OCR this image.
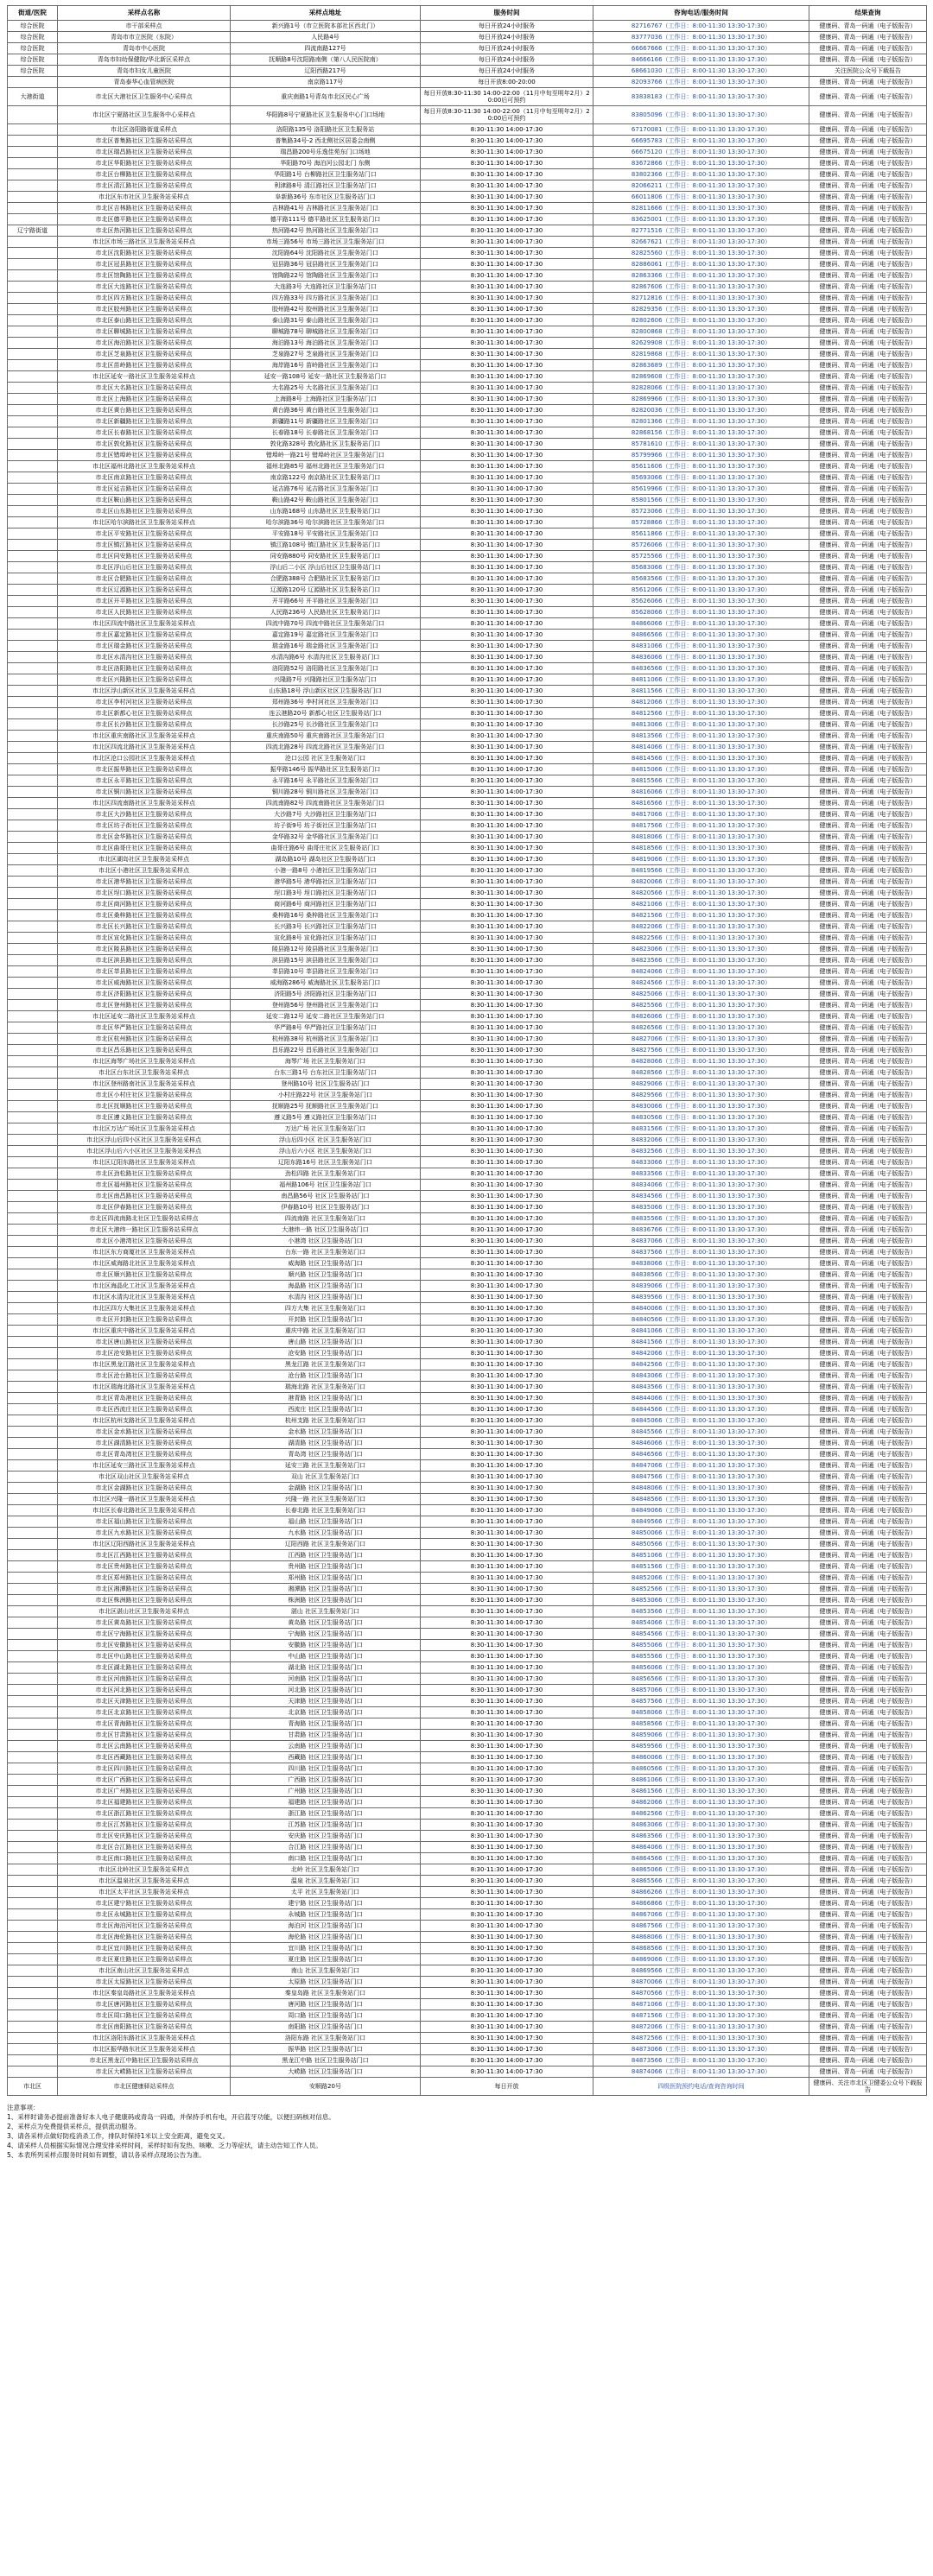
街道/医院	采样点名称	采样点地址	服务时间	咨询电话/服务时间	结果查询
综合医院	市干部采样点	新兴路1号（市立医院本部社区西北门）	每日开放24小时服务	82716767（工作日：8:00-11:30 13:30-17:30）	健康码、青岛一码通（电子版报告）
综合医院	青岛市市立医院（东院）	人民路4号	每日开放24小时服务	83777036（工作日：8:00-11:30 13:30-17:30）	健康码、青岛一码通（电子版报告）
综合医院	青岛市中心医院	四流南路127号	每日开放24小时服务	66667666（工作日：8:00-11:30 13:30-17:30）	健康码、青岛一码通（电子版报告）
综合医院	青岛市妇幼保健院/华北新区采样点	抚顺路8号沈阳路南侧（第八人民医院南）	每日开放24小时服务	84666166（工作日：8:00-11:30 13:30-17:30）	健康码、青岛一码通（电子版报告）
综合医院	青岛市妇女儿童医院	辽阳西路217号	每日开放24小时服务	68661030（工作日：8:00-11:30 13:30-17:30）	关注医院公众号下载报告
	青岛泰华心血管病医院	南京路117号	每日开放8:00-20:00	82093766（工作日：8:00-11:30 13:30-17:30）	健康码、青岛一码通（电子版报告）
大港街道	市北区大港社区卫生服务中心采样点	重庆南路1号青岛市北区民心广场	每日开放8:30-11:30 14:00-22:00（11月中旬至明年2月）20:00后可预约	83838183（工作日：8:00-11:30 13:30-17:30）	健康码、青岛一码通（电子版报告）
	市北区宁夏路社区卫生服务中心采样点	华阳路8号宁夏路社区卫生服务中心门口场地	每日开放8:30-11:30 14:00-22:00（11月中旬至明年2月）20:00后可预约	83805096（工作日：8:00-11:30 13:30-17:30）	健康码、青岛一码通（电子版报告）
	市北区洛阳路街道采样点	洛阳路135号 洛阳路社区卫生服务站	8:30-11:30 14:00-17:30	67170081（工作日：8:00-11:30 13:30-17:30）	健康码、青岛一码通（电子版报告）
	市北区普集路社区卫生服务站采样点	普集路34号-2 西北侧社区居委会南侧	8:30-11:30 14:00-17:30	66695783（工作日：8:00-11:30 13:30-17:30）	健康码、青岛一码通（电子版报告）
	市北区瑞昌路社区卫生服务站采样点	瑞昌路200号乐逸佳苑东门口场地	8:30-11:30 14:00-17:30	66675120（工作日：8:00-11:30 13:30-17:30）	健康码、青岛一码通（电子版报告）
	市北区华阳路社区卫生服务站采样点	华阳路70号 海泊河公园北门 东侧	8:30-11:30 14:00-17:30	83672866（工作日：8:00-11:30 13:30-17:30）	健康码、青岛一码通（电子版报告）
	市北区台柳路社区卫生服务站采样点	华阳路1号 台柳路社区卫生服务站门口	8:30-11:30 14:00-17:30	83802366（工作日：8:00-11:30 13:30-17:30）	健康码、青岛一码通（电子版报告）
	市北区清江路社区卫生服务站采样点	利津路8号 清江路社区卫生服务站门口	8:30-11:30 14:00-17:30	82066211（工作日：8:00-11:30 13:30-17:30）	健康码、青岛一码通（电子版报告）
	市北区东市社区卫生服务站采样点	阜新路36号 东市社区卫生服务站门口	8:30-11:30 14:00-17:30	66011806（工作日：8:00-11:30 13:30-17:30）	健康码、青岛一码通（电子版报告）
	市北区吉林路社区卫生服务站采样点	吉林路41号 吉林路社区卫生服务站门口	8:30-11:30 14:00-17:30	82811666（工作日：8:00-11:30 13:30-17:30）	健康码、青岛一码通（电子版报告）
	市北区德平路社区卫生服务站采样点	德平路111号 德平路社区卫生服务站门口	8:30-11:30 14:00-17:30	83625001（工作日：8:00-11:30 13:30-17:30）	健康码、青岛一码通（电子版报告）
辽宁路街道	市北区热河路社区卫生服务站采样点	热河路42号 热河路社区卫生服务站门口	8:30-11:30 14:00-17:30	82771516（工作日：8:00-11:30 13:30-17:30）	健康码、青岛一码通（电子版报告）
	市北区市场三路社区卫生服务站采样点	市场三路56号 市场三路社区卫生服务站门口	8:30-11:30 14:00-17:30	82667621（工作日：8:00-11:30 13:30-17:30）	健康码、青岛一码通（电子版报告）
	市北区沈阳路社区卫生服务站采样点	沈阳路64号 沈阳路社区卫生服务站门口	8:30-11:30 14:00-17:30	82825560（工作日：8:00-11:30 13:30-17:30）	健康码、青岛一码通（电子版报告）
	市北区冠县路社区卫生服务站采样点	冠县路36号 冠县路社区卫生服务站门口	8:30-11:30 14:00-17:30	82886061（工作日：8:00-11:30 13:30-17:30）	健康码、青岛一码通（电子版报告）
	市北区馆陶路社区卫生服务站采样点	馆陶路22号 馆陶路社区卫生服务站门口	8:30-11:30 14:00-17:30	82863366（工作日：8:00-11:30 13:30-17:30）	健康码、青岛一码通（电子版报告）
	市北区大连路社区卫生服务站采样点	大连路3号 大连路社区卫生服务站门口	8:30-11:30 14:00-17:30	82867606（工作日：8:00-11:30 13:30-17:30）	健康码、青岛一码通（电子版报告）
	市北区四方路社区卫生服务站采样点	四方路33号 四方路社区卫生服务站门口	8:30-11:30 14:00-17:30	82712816（工作日：8:00-11:30 13:30-17:30）	健康码、青岛一码通（电子版报告）
	市北区胶州路社区卫生服务站采样点	胶州路42号 胶州路社区卫生服务站门口	8:30-11:30 14:00-17:30	82829356（工作日：8:00-11:30 13:30-17:30）	健康码、青岛一码通（电子版报告）
	市北区泰山路社区卫生服务站采样点	泰山路31号 泰山路社区卫生服务站门口	8:30-11:30 14:00-17:30	82802606（工作日：8:00-11:30 13:30-17:30）	健康码、青岛一码通（电子版报告）
	市北区聊城路社区卫生服务站采样点	聊城路78号 聊城路社区卫生服务站门口	8:30-11:30 14:00-17:30	82800868（工作日：8:00-11:30 13:30-17:30）	健康码、青岛一码通（电子版报告）
	市北区海泊路社区卫生服务站采样点	海泊路13号 海泊路社区卫生服务站门口	8:30-11:30 14:00-17:30	82629908（工作日：8:00-11:30 13:30-17:30）	健康码、青岛一码通（电子版报告）
	市北区芝泉路社区卫生服务站采样点	芝泉路27号 芝泉路社区卫生服务站门口	8:30-11:30 14:00-17:30	82819868（工作日：8:00-11:30 13:30-17:30）	健康码、青岛一码通（电子版报告）
	市北区苗岭路社区卫生服务站采样点	海岸路16号 苗岭路社区卫生服务站门口	8:30-11:30 14:00-17:30	82863689（工作日：8:00-11:30 13:30-17:30）	健康码、青岛一码通（电子版报告）
	市北区延安一路社区卫生服务站采样点	延安一路108号 延安一路社区卫生服务站门口	8:30-11:30 14:00-17:30	82869608（工作日：8:00-11:30 13:30-17:30）	健康码、青岛一码通（电子版报告）
	市北区大名路社区卫生服务站采样点	大名路25号 大名路社区卫生服务站门口	8:30-11:30 14:00-17:30	82828066（工作日：8:00-11:30 13:30-17:30）	健康码、青岛一码通（电子版报告）
	市北区上海路社区卫生服务站采样点	上海路8号 上海路社区卫生服务站门口	8:30-11:30 14:00-17:30	82869966（工作日：8:00-11:30 13:30-17:30）	健康码、青岛一码通（电子版报告）
	市北区黄台路社区卫生服务站采样点	黄台路36号 黄台路社区卫生服务站门口	8:30-11:30 14:00-17:30	82820036（工作日：8:00-11:30 13:30-17:30）	健康码、青岛一码通（电子版报告）
	市北区新疆路社区卫生服务站采样点	新疆路11号 新疆路社区卫生服务站门口	8:30-11:30 14:00-17:30	82801366（工作日：8:00-11:30 13:30-17:30）	健康码、青岛一码通（电子版报告）
	市北区长春路社区卫生服务站采样点	长春路18号 长春路社区卫生服务站门口	8:30-11:30 14:00-17:30	82868156（工作日：8:00-11:30 13:30-17:30）	健康码、青岛一码通（电子版报告）
	市北区敦化路社区卫生服务站采样点	敦化路328号 敦化路社区卫生服务站门口	8:30-11:30 14:00-17:30	85781610（工作日：8:00-11:30 13:30-17:30）	健康码、青岛一码通（电子版报告）
	市北区错埠岭社区卫生服务站采样点	错埠岭一路21号 错埠岭社区卫生服务站门口	8:30-11:30 14:00-17:30	85799966（工作日：8:00-11:30 13:30-17:30）	健康码、青岛一码通（电子版报告）
	市北区福州北路社区卫生服务站采样点	福州北路85号 福州北路社区卫生服务站门口	8:30-11:30 14:00-17:30	85611606（工作日：8:00-11:30 13:30-17:30）	健康码、青岛一码通（电子版报告）
	市北区南京路社区卫生服务站采样点	南京路122号 南京路社区卫生服务站门口	8:30-11:30 14:00-17:30	85693066（工作日：8:00-11:30 13:30-17:30）	健康码、青岛一码通（电子版报告）
	市北区延吉路社区卫生服务站采样点	延吉路76号 延吉路社区卫生服务站门口	8:30-11:30 14:00-17:30	85619966（工作日：8:00-11:30 13:30-17:30）	健康码、青岛一码通（电子版报告）
	市北区鞍山路社区卫生服务站采样点	鞍山路42号 鞍山路社区卫生服务站门口	8:30-11:30 14:00-17:30	85801566（工作日：8:00-11:30 13:30-17:30）	健康码、青岛一码通（电子版报告）
	市北区山东路社区卫生服务站采样点	山东路168号 山东路社区卫生服务站门口	8:30-11:30 14:00-17:30	85723066（工作日：8:00-11:30 13:30-17:30）	健康码、青岛一码通（电子版报告）
	市北区哈尔滨路社区卫生服务站采样点	哈尔滨路36号 哈尔滨路社区卫生服务站门口	8:30-11:30 14:00-17:30	85728866（工作日：8:00-11:30 13:30-17:30）	健康码、青岛一码通（电子版报告）
	市北区平安路社区卫生服务站采样点	平安路18号 平安路社区卫生服务站门口	8:30-11:30 14:00-17:30	85611866（工作日：8:00-11:30 13:30-17:30）	健康码、青岛一码通（电子版报告）
	市北区镇江路社区卫生服务站采样点	镇江路108号 镇江路社区卫生服务站门口	8:30-11:30 14:00-17:30	85726066（工作日：8:00-11:30 13:30-17:30）	健康码、青岛一码通（电子版报告）
	市北区同安路社区卫生服务站采样点	同安路880号 同安路社区卫生服务站门口	8:30-11:30 14:00-17:30	85725566（工作日：8:00-11:30 13:30-17:30）	健康码、青岛一码通（电子版报告）
	市北区浮山后社区卫生服务站采样点	浮山后二小区 浮山后社区卫生服务站门口	8:30-11:30 14:00-17:30	85683066（工作日：8:00-11:30 13:30-17:30）	健康码、青岛一码通（电子版报告）
	市北区合肥路社区卫生服务站采样点	合肥路388号 合肥路社区卫生服务站门口	8:30-11:30 14:00-17:30	85683566（工作日：8:00-11:30 13:30-17:30）	健康码、青岛一码通（电子版报告）
	市北区辽源路社区卫生服务站采样点	辽源路120号 辽源路社区卫生服务站门口	8:30-11:30 14:00-17:30	85612066（工作日：8:00-11:30 13:30-17:30）	健康码、青岛一码通（电子版报告）
	市北区开平路社区卫生服务站采样点	开平路66号 开平路社区卫生服务站门口	8:30-11:30 14:00-17:30	85626066（工作日：8:00-11:30 13:30-17:30）	健康码、青岛一码通（电子版报告）
	市北区人民路社区卫生服务站采样点	人民路236号 人民路社区卫生服务站门口	8:30-11:30 14:00-17:30	85628066（工作日：8:00-11:30 13:30-17:30）	健康码、青岛一码通（电子版报告）
	市北区四流中路社区卫生服务站采样点	四流中路70号 四流中路社区卫生服务站门口	8:30-11:30 14:00-17:30	84866066（工作日：8:00-11:30 13:30-17:30）	健康码、青岛一码通（电子版报告）
	市北区嘉定路社区卫生服务站采样点	嘉定路19号 嘉定路社区卫生服务站门口	8:30-11:30 14:00-17:30	84866566（工作日：8:00-11:30 13:30-17:30）	健康码、青岛一码通（电子版报告）
	市北区瑞金路社区卫生服务站采样点	瑞金路16号 瑞金路社区卫生服务站门口	8:30-11:30 14:00-17:30	84831066（工作日：8:00-11:30 13:30-17:30）	健康码、青岛一码通（电子版报告）
	市北区水清沟社区卫生服务站采样点	水清沟路6号 水清沟社区卫生服务站门口	8:30-11:30 14:00-17:30	84836066（工作日：8:00-11:30 13:30-17:30）	健康码、青岛一码通（电子版报告）
	市北区洛阳路社区卫生服务站采样点	洛阳路52号 洛阳路社区卫生服务站门口	8:30-11:30 14:00-17:30	84836566（工作日：8:00-11:30 13:30-17:30）	健康码、青岛一码通（电子版报告）
	市北区兴隆路社区卫生服务站采样点	兴隆路7号 兴隆路社区卫生服务站门口	8:30-11:30 14:00-17:30	84811066（工作日：8:00-11:30 13:30-17:30）	健康码、青岛一码通（电子版报告）
	市北区浮山新区社区卫生服务站采样点	山东路18号 浮山新区社区卫生服务站门口	8:30-11:30 14:00-17:30	84811566（工作日：8:00-11:30 13:30-17:30）	健康码、青岛一码通（电子版报告）
	市北区李村河社区卫生服务站采样点	郑州路36号 李村河社区卫生服务站门口	8:30-11:30 14:00-17:30	84812066（工作日：8:00-11:30 13:30-17:30）	健康码、青岛一码通（电子版报告）
	市北区新都心社区卫生服务站采样点	连云港路20号 新都心社区卫生服务站门口	8:30-11:30 14:00-17:30	84812566（工作日：8:00-11:30 13:30-17:30）	健康码、青岛一码通（电子版报告）
	市北区长沙路社区卫生服务站采样点	长沙路25号 长沙路社区卫生服务站门口	8:30-11:30 14:00-17:30	84813066（工作日：8:00-11:30 13:30-17:30）	健康码、青岛一码通（电子版报告）
	市北区重庆南路社区卫生服务站采样点	重庆南路50号 重庆南路社区卫生服务站门口	8:30-11:30 14:00-17:30	84813566（工作日：8:00-11:30 13:30-17:30）	健康码、青岛一码通（电子版报告）
	市北区四流北路社区卫生服务站采样点	四流北路28号 四流北路社区卫生服务站门口	8:30-11:30 14:00-17:30	84814066（工作日：8:00-11:30 13:30-17:30）	健康码、青岛一码通（电子版报告）
	市北区沧口公园社区卫生服务站采样点	沧口公园 社区卫生服务站门口	8:30-11:30 14:00-17:30	84814566（工作日：8:00-11:30 13:30-17:30）	健康码、青岛一码通（电子版报告）
	市北区振华路社区卫生服务站采样点	振华路146号 振华路社区卫生服务站门口	8:30-11:30 14:00-17:30	84815066（工作日：8:00-11:30 13:30-17:30）	健康码、青岛一码通（电子版报告）
	市北区永平路社区卫生服务站采样点	永平路16号 永平路社区卫生服务站门口	8:30-11:30 14:00-17:30	84815566（工作日：8:00-11:30 13:30-17:30）	健康码、青岛一码通（电子版报告）
	市北区铜川路社区卫生服务站采样点	铜川路28号 铜川路社区卫生服务站门口	8:30-11:30 14:00-17:30	84816066（工作日：8:00-11:30 13:30-17:30）	健康码、青岛一码通（电子版报告）
	市北区四流南路社区卫生服务站采样点	四流南路82号 四流南路社区卫生服务站门口	8:30-11:30 14:00-17:30	84816566（工作日：8:00-11:30 13:30-17:30）	健康码、青岛一码通（电子版报告）
	市北区大沙路社区卫生服务站采样点	大沙路7号 大沙路社区卫生服务站门口	8:30-11:30 14:00-17:30	84817066（工作日：8:00-11:30 13:30-17:30）	健康码、青岛一码通（电子版报告）
	市北区坊子街社区卫生服务站采样点	坊子街9号 坊子街社区卫生服务站门口	8:30-11:30 14:00-17:30	84817566（工作日：8:00-11:30 13:30-17:30）	健康码、青岛一码通（电子版报告）
	市北区金华路社区卫生服务站采样点	金华路32号 金华路社区卫生服务站门口	8:30-11:30 14:00-17:30	84818066（工作日：8:00-11:30 13:30-17:30）	健康码、青岛一码通（电子版报告）
	市北区曲哥庄社区卫生服务站采样点	曲哥庄路6号 曲哥庄社区卫生服务站门口	8:30-11:30 14:00-17:30	84818566（工作日：8:00-11:30 13:30-17:30）	健康码、青岛一码通（电子版报告）
	市北区湖岛社区卫生服务站采样点	湖岛路10号 湖岛社区卫生服务站门口	8:30-11:30 14:00-17:30	84819066（工作日：8:00-11:30 13:30-17:30）	健康码、青岛一码通（电子版报告）
	市北区小港社区卫生服务站采样点	小港一路8号 小港社区卫生服务站门口	8:30-11:30 14:00-17:30	84819566（工作日：8:00-11:30 13:30-17:30）	健康码、青岛一码通（电子版报告）
	市北区港华路社区卫生服务站采样点	港华路5号 港华路社区卫生服务站门口	8:30-11:30 14:00-17:30	84820066（工作日：8:00-11:30 13:30-17:30）	健康码、青岛一码通（电子版报告）
	市北区埕口路社区卫生服务站采样点	埕口路3号 埕口路社区卫生服务站门口	8:30-11:30 14:00-17:30	84820566（工作日：8:00-11:30 13:30-17:30）	健康码、青岛一码通（电子版报告）
	市北区商河路社区卫生服务站采样点	商河路6号 商河路社区卫生服务站门口	8:30-11:30 14:00-17:30	84821066（工作日：8:00-11:30 13:30-17:30）	健康码、青岛一码通（电子版报告）
	市北区桑梓路社区卫生服务站采样点	桑梓路16号 桑梓路社区卫生服务站门口	8:30-11:30 14:00-17:30	84821566（工作日：8:00-11:30 13:30-17:30）	健康码、青岛一码通（电子版报告）
	市北区长兴路社区卫生服务站采样点	长兴路3号 长兴路社区卫生服务站门口	8:30-11:30 14:00-17:30	84822066（工作日：8:00-11:30 13:30-17:30）	健康码、青岛一码通（电子版报告）
	市北区宣化路社区卫生服务站采样点	宣化路8号 宣化路社区卫生服务站门口	8:30-11:30 14:00-17:30	84822566（工作日：8:00-11:30 13:30-17:30）	健康码、青岛一码通（电子版报告）
	市北区陵县路社区卫生服务站采样点	陵县路12号 陵县路社区卫生服务站门口	8:30-11:30 14:00-17:30	84823066（工作日：8:00-11:30 13:30-17:30）	健康码、青岛一码通（电子版报告）
	市北区滨县路社区卫生服务站采样点	滨县路15号 滨县路社区卫生服务站门口	8:30-11:30 14:00-17:30	84823566（工作日：8:00-11:30 13:30-17:30）	健康码、青岛一码通（电子版报告）
	市北区莘县路社区卫生服务站采样点	莘县路10号 莘县路社区卫生服务站门口	8:30-11:30 14:00-17:30	84824066（工作日：8:00-11:30 13:30-17:30）	健康码、青岛一码通（电子版报告）
	市北区威海路社区卫生服务站采样点	威海路286号 威海路社区卫生服务站门口	8:30-11:30 14:00-17:30	84824566（工作日：8:00-11:30 13:30-17:30）	健康码、青岛一码通（电子版报告）
	市北区济阳路社区卫生服务站采样点	济阳路5号 济阳路社区卫生服务站门口	8:30-11:30 14:00-17:30	84825066（工作日：8:00-11:30 13:30-17:30）	健康码、青岛一码通（电子版报告）
	市北区登州路社区卫生服务站采样点	登州路56号 登州路社区卫生服务站门口	8:30-11:30 14:00-17:30	84825566（工作日：8:00-11:30 13:30-17:30）	健康码、青岛一码通（电子版报告）
	市北区延安二路社区卫生服务站采样点	延安二路12号 延安二路社区卫生服务站门口	8:30-11:30 14:00-17:30	84826066（工作日：8:00-11:30 13:30-17:30）	健康码、青岛一码通（电子版报告）
	市北区华严路社区卫生服务站采样点	华严路8号 华严路社区卫生服务站门口	8:30-11:30 14:00-17:30	84826566（工作日：8:00-11:30 13:30-17:30）	健康码、青岛一码通（电子版报告）
	市北区杭州路社区卫生服务站采样点	杭州路38号 杭州路社区卫生服务站门口	8:30-11:30 14:00-17:30	84827066（工作日：8:00-11:30 13:30-17:30）	健康码、青岛一码通（电子版报告）
	市北区昌乐路社区卫生服务站采样点	昌乐路22号 昌乐路社区卫生服务站门口	8:30-11:30 14:00-17:30	84827566（工作日：8:00-11:30 13:30-17:30）	健康码、青岛一码通（电子版报告）
	市北区海琴广场社区卫生服务站采样点	海琴广场 社区卫生服务站门口	8:30-11:30 14:00-17:30	84828066（工作日：8:00-11:30 13:30-17:30）	健康码、青岛一码通（电子版报告）
	市北区台东社区卫生服务站采样点	台东三路1号 台东社区卫生服务站门口	8:30-11:30 14:00-17:30	84828566（工作日：8:00-11:30 13:30-17:30）	健康码、青岛一码通（电子版报告）
	市北区登州路南社区卫生服务站采样点	登州路10号 社区卫生服务站门口	8:30-11:30 14:00-17:30	84829066（工作日：8:00-11:30 13:30-17:30）	健康码、青岛一码通（电子版报告）
	市北区小村庄社区卫生服务站采样点	小村庄路22号 社区卫生服务站门口	8:30-11:30 14:00-17:30	84829566（工作日：8:00-11:30 13:30-17:30）	健康码、青岛一码通（电子版报告）
	市北区抚顺路社区卫生服务站采样点	抚顺路25号 抚顺路社区卫生服务站门口	8:30-11:30 14:00-17:30	84830066（工作日：8:00-11:30 13:30-17:30）	健康码、青岛一码通（电子版报告）
	市北区遵义路社区卫生服务站采样点	遵义路5号 遵义路社区卫生服务站门口	8:30-11:30 14:00-17:30	84830566（工作日：8:00-11:30 13:30-17:30）	健康码、青岛一码通（电子版报告）
	市北区万达广场社区卫生服务站采样点	万达广场 社区卫生服务站门口	8:30-11:30 14:00-17:30	84831566（工作日：8:00-11:30 13:30-17:30）	健康码、青岛一码通（电子版报告）
	市北区浮山后四小区社区卫生服务站采样点	浮山后四小区 社区卫生服务站门口	8:30-11:30 14:00-17:30	84832066（工作日：8:00-11:30 13:30-17:30）	健康码、青岛一码通（电子版报告）
	市北区浮山后六小区社区卫生服务站采样点	浮山后六小区 社区卫生服务站门口	8:30-11:30 14:00-17:30	84832566（工作日：8:00-11:30 13:30-17:30）	健康码、青岛一码通（电子版报告）
	市北区辽阳东路社区卫生服务站采样点	辽阳东路16号 社区卫生服务站门口	8:30-11:30 14:00-17:30	84833066（工作日：8:00-11:30 13:30-17:30）	健康码、青岛一码通（电子版报告）
	市北区劲松路社区卫生服务站采样点	劲松四路 社区卫生服务站门口	8:30-11:30 14:00-17:30	84833566（工作日：8:00-11:30 13:30-17:30）	健康码、青岛一码通（电子版报告）
	市北区福州路社区卫生服务站采样点	福州路106号 社区卫生服务站门口	8:30-11:30 14:00-17:30	84834066（工作日：8:00-11:30 13:30-17:30）	健康码、青岛一码通（电子版报告）
	市北区南昌路社区卫生服务站采样点	南昌路56号 社区卫生服务站门口	8:30-11:30 14:00-17:30	84834566（工作日：8:00-11:30 13:30-17:30）	健康码、青岛一码通（电子版报告）
	市北区伊春路社区卫生服务站采样点	伊春路10号 社区卫生服务站门口	8:30-11:30 14:00-17:30	84835066（工作日：8:00-11:30 13:30-17:30）	健康码、青岛一码通（电子版报告）
	市北区四流南路北社区卫生服务站采样点	四流南路 社区卫生服务站门口	8:30-11:30 14:00-17:30	84835566（工作日：8:00-11:30 13:30-17:30）	健康码、青岛一码通（电子版报告）
	市北区大港纬一路社区卫生服务站采样点	大港纬一路 社区卫生服务站门口	8:30-11:30 14:00-17:30	84836766（工作日：8:00-11:30 13:30-17:30）	健康码、青岛一码通（电子版报告）
	市北区小港湾社区卫生服务站采样点	小港湾 社区卫生服务站门口	8:30-11:30 14:00-17:30	84837066（工作日：8:00-11:30 13:30-17:30）	健康码、青岛一码通（电子版报告）
	市北区东方商厦社区卫生服务站采样点	台东一路 社区卫生服务站门口	8:30-11:30 14:00-17:30	84837566（工作日：8:00-11:30 13:30-17:30）	健康码、青岛一码通（电子版报告）
	市北区威海路北社区卫生服务站采样点	威海路 社区卫生服务站门口	8:30-11:30 14:00-17:30	84838066（工作日：8:00-11:30 13:30-17:30）	健康码、青岛一码通（电子版报告）
	市北区顺兴路社区卫生服务站采样点	顺兴路 社区卫生服务站门口	8:30-11:30 14:00-17:30	84838566（工作日：8:00-11:30 13:30-17:30）	健康码、青岛一码通（电子版报告）
	市北区海晶化工社区卫生服务站采样点	海晶路 社区卫生服务站门口	8:30-11:30 14:00-17:30	84839066（工作日：8:00-11:30 13:30-17:30）	健康码、青岛一码通（电子版报告）
	市北区水清沟北社区卫生服务站采样点	水清沟 社区卫生服务站门口	8:30-11:30 14:00-17:30	84839566（工作日：8:00-11:30 13:30-17:30）	健康码、青岛一码通（电子版报告）
	市北区四方大集社区卫生服务站采样点	四方大集 社区卫生服务站门口	8:30-11:30 14:00-17:30	84840066（工作日：8:00-11:30 13:30-17:30）	健康码、青岛一码通（电子版报告）
	市北区开封路社区卫生服务站采样点	开封路 社区卫生服务站门口	8:30-11:30 14:00-17:30	84840566（工作日：8:00-11:30 13:30-17:30）	健康码、青岛一码通（电子版报告）
	市北区重庆中路社区卫生服务站采样点	重庆中路 社区卫生服务站门口	8:30-11:30 14:00-17:30	84841066（工作日：8:00-11:30 13:30-17:30）	健康码、青岛一码通（电子版报告）
	市北区唐山路社区卫生服务站采样点	唐山路 社区卫生服务站门口	8:30-11:30 14:00-17:30	84841566（工作日：8:00-11:30 13:30-17:30）	健康码、青岛一码通（电子版报告）
	市北区沧安路社区卫生服务站采样点	沧安路 社区卫生服务站门口	8:30-11:30 14:00-17:30	84842066（工作日：8:00-11:30 13:30-17:30）	健康码、青岛一码通（电子版报告）
	市北区黑龙江路社区卫生服务站采样点	黑龙江路 社区卫生服务站门口	8:30-11:30 14:00-17:30	84842566（工作日：8:00-11:30 13:30-17:30）	健康码、青岛一码通（电子版报告）
	市北区沧台路社区卫生服务站采样点	沧台路 社区卫生服务站门口	8:30-11:30 14:00-17:30	84843066（工作日：8:00-11:30 13:30-17:30）	健康码、青岛一码通（电子版报告）
	市北区瑞海北路社区卫生服务站采样点	瑞海北路 社区卫生服务站门口	8:30-11:30 14:00-17:30	84843566（工作日：8:00-11:30 13:30-17:30）	健康码、青岛一码通（电子版报告）
	市北区青岛港社区卫生服务站采样点	港青路 社区卫生服务站门口	8:30-11:30 14:00-17:30	84844066（工作日：8:00-11:30 13:30-17:30）	健康码、青岛一码通（电子版报告）
	市北区西流庄社区卫生服务站采样点	西流庄 社区卫生服务站门口	8:30-11:30 14:00-17:30	84844566（工作日：8:00-11:30 13:30-17:30）	健康码、青岛一码通（电子版报告）
	市北区杭州支路社区卫生服务站采样点	杭州支路 社区卫生服务站门口	8:30-11:30 14:00-17:30	84845066（工作日：8:00-11:30 13:30-17:30）	健康码、青岛一码通（电子版报告）
	市北区金水路社区卫生服务站采样点	金水路 社区卫生服务站门口	8:30-11:30 14:00-17:30	84845566（工作日：8:00-11:30 13:30-17:30）	健康码、青岛一码通（电子版报告）
	市北区湖清路社区卫生服务站采样点	湖清路 社区卫生服务站门口	8:30-11:30 14:00-17:30	84846066（工作日：8:00-11:30 13:30-17:30）	健康码、青岛一码通（电子版报告）
	市北区青岛湾社区卫生服务站采样点	青岛湾 社区卫生服务站门口	8:30-11:30 14:00-17:30	84846566（工作日：8:00-11:30 13:30-17:30）	健康码、青岛一码通（电子版报告）
	市北区延安三路社区卫生服务站采样点	延安三路 社区卫生服务站门口	8:30-11:30 14:00-17:30	84847066（工作日：8:00-11:30 13:30-17:30）	健康码、青岛一码通（电子版报告）
	市北区双山社区卫生服务站采样点	双山 社区卫生服务站门口	8:30-11:30 14:00-17:30	84847566（工作日：8:00-11:30 13:30-17:30）	健康码、青岛一码通（电子版报告）
	市北区金湖路社区卫生服务站采样点	金湖路 社区卫生服务站门口	8:30-11:30 14:00-17:30	84848066（工作日：8:00-11:30 13:30-17:30）	健康码、青岛一码通（电子版报告）
	市北区兴隆一路社区卫生服务站采样点	兴隆一路 社区卫生服务站门口	8:30-11:30 14:00-17:30	84848566（工作日：8:00-11:30 13:30-17:30）	健康码、青岛一码通（电子版报告）
	市北区长春北路社区卫生服务站采样点	长春北路 社区卫生服务站门口	8:30-11:30 14:00-17:30	84849066（工作日：8:00-11:30 13:30-17:30）	健康码、青岛一码通（电子版报告）
	市北区福山路社区卫生服务站采样点	福山路 社区卫生服务站门口	8:30-11:30 14:00-17:30	84849566（工作日：8:00-11:30 13:30-17:30）	健康码、青岛一码通（电子版报告）
	市北区九水路社区卫生服务站采样点	九水路 社区卫生服务站门口	8:30-11:30 14:00-17:30	84850066（工作日：8:00-11:30 13:30-17:30）	健康码、青岛一码通（电子版报告）
	市北区辽阳西路社区卫生服务站采样点	辽阳西路 社区卫生服务站门口	8:30-11:30 14:00-17:30	84850566（工作日：8:00-11:30 13:30-17:30）	健康码、青岛一码通（电子版报告）
	市北区江西路社区卫生服务站采样点	江西路 社区卫生服务站门口	8:30-11:30 14:00-17:30	84851066（工作日：8:00-11:30 13:30-17:30）	健康码、青岛一码通（电子版报告）
	市北区贵州路社区卫生服务站采样点	贵州路 社区卫生服务站门口	8:30-11:30 14:00-17:30	84851566（工作日：8:00-11:30 13:30-17:30）	健康码、青岛一码通（电子版报告）
	市北区郑州路社区卫生服务站采样点	郑州路 社区卫生服务站门口	8:30-11:30 14:00-17:30	84852066（工作日：8:00-11:30 13:30-17:30）	健康码、青岛一码通（电子版报告）
	市北区湘潭路社区卫生服务站采样点	湘潭路 社区卫生服务站门口	8:30-11:30 14:00-17:30	84852566（工作日：8:00-11:30 13:30-17:30）	健康码、青岛一码通（电子版报告）
	市北区株洲路社区卫生服务站采样点	株洲路 社区卫生服务站门口	8:30-11:30 14:00-17:30	84853066（工作日：8:00-11:30 13:30-17:30）	健康码、青岛一码通（电子版报告）
	市北区湛山社区卫生服务站采样点	湛山 社区卫生服务站门口	8:30-11:30 14:00-17:30	84853566（工作日：8:00-11:30 13:30-17:30）	健康码、青岛一码通（电子版报告）
	市北区黄岛路社区卫生服务站采样点	黄岛路 社区卫生服务站门口	8:30-11:30 14:00-17:30	84854066（工作日：8:00-11:30 13:30-17:30）	健康码、青岛一码通（电子版报告）
	市北区宁海路社区卫生服务站采样点	宁海路 社区卫生服务站门口	8:30-11:30 14:00-17:30	84854566（工作日：8:00-11:30 13:30-17:30）	健康码、青岛一码通（电子版报告）
	市北区安徽路社区卫生服务站采样点	安徽路 社区卫生服务站门口	8:30-11:30 14:00-17:30	84855066（工作日：8:00-11:30 13:30-17:30）	健康码、青岛一码通（电子版报告）
	市北区中山路社区卫生服务站采样点	中山路 社区卫生服务站门口	8:30-11:30 14:00-17:30	84855566（工作日：8:00-11:30 13:30-17:30）	健康码、青岛一码通（电子版报告）
	市北区湖北路社区卫生服务站采样点	湖北路 社区卫生服务站门口	8:30-11:30 14:00-17:30	84856066（工作日：8:00-11:30 13:30-17:30）	健康码、青岛一码通（电子版报告）
	市北区河南路社区卫生服务站采样点	河南路 社区卫生服务站门口	8:30-11:30 14:00-17:30	84856566（工作日：8:00-11:30 13:30-17:30）	健康码、青岛一码通（电子版报告）
	市北区河北路社区卫生服务站采样点	河北路 社区卫生服务站门口	8:30-11:30 14:00-17:30	84857066（工作日：8:00-11:30 13:30-17:30）	健康码、青岛一码通（电子版报告）
	市北区天津路社区卫生服务站采样点	天津路 社区卫生服务站门口	8:30-11:30 14:00-17:30	84857566（工作日：8:00-11:30 13:30-17:30）	健康码、青岛一码通（电子版报告）
	市北区北京路社区卫生服务站采样点	北京路 社区卫生服务站门口	8:30-11:30 14:00-17:30	84858066（工作日：8:00-11:30 13:30-17:30）	健康码、青岛一码通（电子版报告）
	市北区青海路社区卫生服务站采样点	青海路 社区卫生服务站门口	8:30-11:30 14:00-17:30	84858566（工作日：8:00-11:30 13:30-17:30）	健康码、青岛一码通（电子版报告）
	市北区甘肃路社区卫生服务站采样点	甘肃路 社区卫生服务站门口	8:30-11:30 14:00-17:30	84859066（工作日：8:00-11:30 13:30-17:30）	健康码、青岛一码通（电子版报告）
	市北区云南路社区卫生服务站采样点	云南路 社区卫生服务站门口	8:30-11:30 14:00-17:30	84859566（工作日：8:00-11:30 13:30-17:30）	健康码、青岛一码通（电子版报告）
	市北区西藏路社区卫生服务站采样点	西藏路 社区卫生服务站门口	8:30-11:30 14:00-17:30	84860066（工作日：8:00-11:30 13:30-17:30）	健康码、青岛一码通（电子版报告）
	市北区四川路社区卫生服务站采样点	四川路 社区卫生服务站门口	8:30-11:30 14:00-17:30	84860566（工作日：8:00-11:30 13:30-17:30）	健康码、青岛一码通（电子版报告）
	市北区广西路社区卫生服务站采样点	广西路 社区卫生服务站门口	8:30-11:30 14:00-17:30	84861066（工作日：8:00-11:30 13:30-17:30）	健康码、青岛一码通（电子版报告）
	市北区广州路社区卫生服务站采样点	广州路 社区卫生服务站门口	8:30-11:30 14:00-17:30	84861566（工作日：8:00-11:30 13:30-17:30）	健康码、青岛一码通（电子版报告）
	市北区福建路社区卫生服务站采样点	福建路 社区卫生服务站门口	8:30-11:30 14:00-17:30	84862066（工作日：8:00-11:30 13:30-17:30）	健康码、青岛一码通（电子版报告）
	市北区浙江路社区卫生服务站采样点	浙江路 社区卫生服务站门口	8:30-11:30 14:00-17:30	84862566（工作日：8:00-11:30 13:30-17:30）	健康码、青岛一码通（电子版报告）
	市北区江苏路社区卫生服务站采样点	江苏路 社区卫生服务站门口	8:30-11:30 14:00-17:30	84863066（工作日：8:00-11:30 13:30-17:30）	健康码、青岛一码通（电子版报告）
	市北区安庆路社区卫生服务站采样点	安庆路 社区卫生服务站门口	8:30-11:30 14:00-17:30	84863566（工作日：8:00-11:30 13:30-17:30）	健康码、青岛一码通（电子版报告）
	市北区合江路社区卫生服务站采样点	合江路 社区卫生服务站门口	8:30-11:30 14:00-17:30	84864066（工作日：8:00-11:30 13:30-17:30）	健康码、青岛一码通（电子版报告）
	市北区南口路社区卫生服务站采样点	南口路 社区卫生服务站门口	8:30-11:30 14:00-17:30	84864566（工作日：8:00-11:30 13:30-17:30）	健康码、青岛一码通（电子版报告）
	市北区北岭社区卫生服务站采样点	北岭 社区卫生服务站门口	8:30-11:30 14:00-17:30	84865066（工作日：8:00-11:30 13:30-17:30）	健康码、青岛一码通（电子版报告）
	市北区温泉社区卫生服务站采样点	温泉 社区卫生服务站门口	8:30-11:30 14:00-17:30	84865566（工作日：8:00-11:30 13:30-17:30）	健康码、青岛一码通（电子版报告）
	市北区太平社区卫生服务站采样点	太平 社区卫生服务站门口	8:30-11:30 14:00-17:30	84866266（工作日：8:00-11:30 13:30-17:30）	健康码、青岛一码通（电子版报告）
	市北区建宁路社区卫生服务站采样点	建宁路 社区卫生服务站门口	8:30-11:30 14:00-17:30	84866866（工作日：8:00-11:30 13:30-17:30）	健康码、青岛一码通（电子版报告）
	市北区永城路社区卫生服务站采样点	永城路 社区卫生服务站门口	8:30-11:30 14:00-17:30	84867066（工作日：8:00-11:30 13:30-17:30）	健康码、青岛一码通（电子版报告）
	市北区海泊河社区卫生服务站采样点	海泊河 社区卫生服务站门口	8:30-11:30 14:00-17:30	84867566（工作日：8:00-11:30 13:30-17:30）	健康码、青岛一码通（电子版报告）
	市北区海伦路社区卫生服务站采样点	海伦路 社区卫生服务站门口	8:30-11:30 14:00-17:30	84868066（工作日：8:00-11:30 13:30-17:30）	健康码、青岛一码通（电子版报告）
	市北区宜川路社区卫生服务站采样点	宜川路 社区卫生服务站门口	8:30-11:30 14:00-17:30	84868566（工作日：8:00-11:30 13:30-17:30）	健康码、青岛一码通（电子版报告）
	市北区夏庄路社区卫生服务站采样点	夏庄路 社区卫生服务站门口	8:30-11:30 14:00-17:30	84869066（工作日：8:00-11:30 13:30-17:30）	健康码、青岛一码通（电子版报告）
	市北区南山社区卫生服务站采样点	南山 社区卫生服务站门口	8:30-11:30 14:00-17:30	84869566（工作日：8:00-11:30 13:30-17:30）	健康码、青岛一码通（电子版报告）
	市北区太原路社区卫生服务站采样点	太原路 社区卫生服务站门口	8:30-11:30 14:00-17:30	84870066（工作日：8:00-11:30 13:30-17:30）	健康码、青岛一码通（电子版报告）
	市北区秦皇岛路社区卫生服务站采样点	秦皇岛路 社区卫生服务站门口	8:30-11:30 14:00-17:30	84870566（工作日：8:00-11:30 13:30-17:30）	健康码、青岛一码通（电子版报告）
	市北区唐河路社区卫生服务站采样点	唐河路 社区卫生服务站门口	8:30-11:30 14:00-17:30	84871066（工作日：8:00-11:30 13:30-17:30）	健康码、青岛一码通（电子版报告）
	市北区周口路社区卫生服务站采样点	周口路 社区卫生服务站门口	8:30-11:30 14:00-17:30	84871566（工作日：8:00-11:30 13:30-17:30）	健康码、青岛一码通（电子版报告）
	市北区南阳路社区卫生服务站采样点	南阳路 社区卫生服务站门口	8:30-11:30 14:00-17:30	84872066（工作日：8:00-11:30 13:30-17:30）	健康码、青岛一码通（电子版报告）
	市北区洛阳东路社区卫生服务站采样点	洛阳东路 社区卫生服务站门口	8:30-11:30 14:00-17:30	84872566（工作日：8:00-11:30 13:30-17:30）	健康码、青岛一码通（电子版报告）
	市北区振华路东社区卫生服务站采样点	振华路 社区卫生服务站门口	8:30-11:30 14:00-17:30	84873066（工作日：8:00-11:30 13:30-17:30）	健康码、青岛一码通（电子版报告）
	市北区黑龙江中路社区卫生服务站采样点	黑龙江中路 社区卫生服务站门口	8:30-11:30 14:00-17:30	84873566（工作日：8:00-11:30 13:30-17:30）	健康码、青岛一码通（电子版报告）
	市北区大崂路社区卫生服务站采样点	大崂路 社区卫生服务站门口	8:30-11:30 14:00-17:30	84874066（工作日：8:00-11:30 13:30-17:30）	健康码、青岛一码通（电子版报告）
市北区	市北区健康驿站采样点	安顺路20号	每日开放	四级医院预约电话/查询咨询时间	健康码、关注市北区卫健委公众号下载报告
注意事项：
1、采样时请务必提前准备好本人电子健康码或青岛一码通，并保持手机有电，开启蓝牙功能，以便扫码核对信息。
2、采样点为免费提供采样点，提供流动服务。
3、请各采样点做好防疫消杀工作，排队时保持1米以上安全距离，避免交叉。
4、请采样人员根据实际情况合理安排采样时间，采样时如有发热、咳嗽、乏力等症状，请主动告知工作人员。
5、本表所列采样点服务时间如有调整，请以各采样点现场公告为准。
